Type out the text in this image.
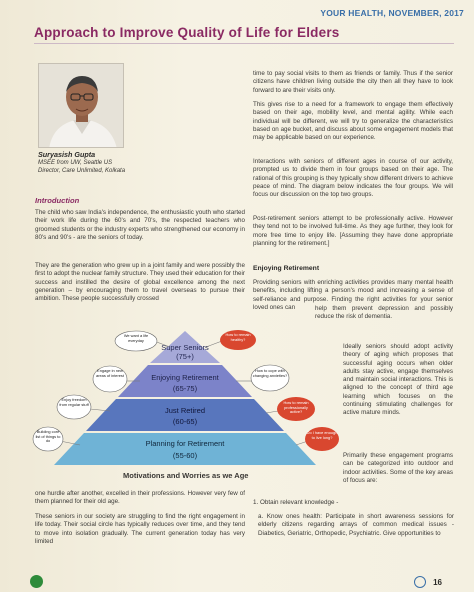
YOUR HEALTH, NOVEMBER, 2017
Approach to Improve Quality of Life for Elders
Suryasish Gupta
MSEE from UW, Seattle US
Director, Care Unlimited, Kolkata
Introduction
The child who saw India's independence, the enthusiastic youth who started their work life during the 60's and 70's, the respected teachers who groomed students or the industry experts who strengthened our economy in 80's and 90's - are the seniors of today.
They are the generation who grew up in a joint family and were possibly the first to adopt the nuclear family structure. They used their education for their success and instilled the desire of global excellence among the next generation – by encouraging them to travel overseas to pursue their ambition. These people successfully crossed
time to pay social visits to them as friends or family. Thus if the senior citizens have children living outside the city then all they have to look forward to are their visits only.
This gives rise to a need for a framework to engage them effectively based on their age, mobility level, and mental agility. While each individual will be different, we will try to generalize the characteristics based on age bucket, and discuss about some engagement models that may be applicable based on our experience.
Interactions with seniors of different ages in course of our activity, prompted us to divide them in four groups based on their age. The rational of this grouping is they typically show different drivers to achieve peace of mind. The diagram below indicates the four groups. We will focus our discussion on the top two groups.
Post-retirement seniors attempt to be professionally active. However they tend not to be involved full-time. As they age further, they look for more free time to enjoy life. [Assuming they have done appropriate planning for the retirement.]
Enjoying Retirement
Providing seniors with enriching activities provides many mental health benefits, including lifting a person's mood and increasing a sense of self-reliance and purpose. Finding the right activities for your senior loved ones can	help them prevent depression and possibly reduce the risk of dementia.
Ideally seniors should adopt activity theory of aging which proposes that successful aging occurs when older adults stay active, engage themselves and maintain social interactions. This is aligned to the concept of third age learning which focuses on the continuing stimulating challenges for active mature minds.
Primarily these engagement programs can be categorized into outdoor and indoor activities. Some of the key areas of focus are:
1. Obtain relevant knowledge -
a. Know ones health: Participate in short awareness sessions for elderly citizens regarding arrays of common medical issues - Diabetics, Geriatric, Orthopedic, Psychiatric. Give opportunities to
Super Seniors
(75+)
Enjoying Retirement
(65-75)
Just Retired
(60-65)
Planning for Retirement
(55-60)
We want a life everyday
Engage in new areas of interest
Enjoy freedom from regular stuff
Building core list of things to do
How to remain healthy?
How to cope with changing anxieties?
How to remain professionally active?
Do I have enough to live long?
Motivations and Worries as we Age
one hurdle after another, excelled in their professions. However very few of them planned for their old age.
These seniors in our society are struggling to find the right engagement in life today. Their social circle has typically reduces over time, and they tend to move into isolation gradually. The current generation today has very limited
16
